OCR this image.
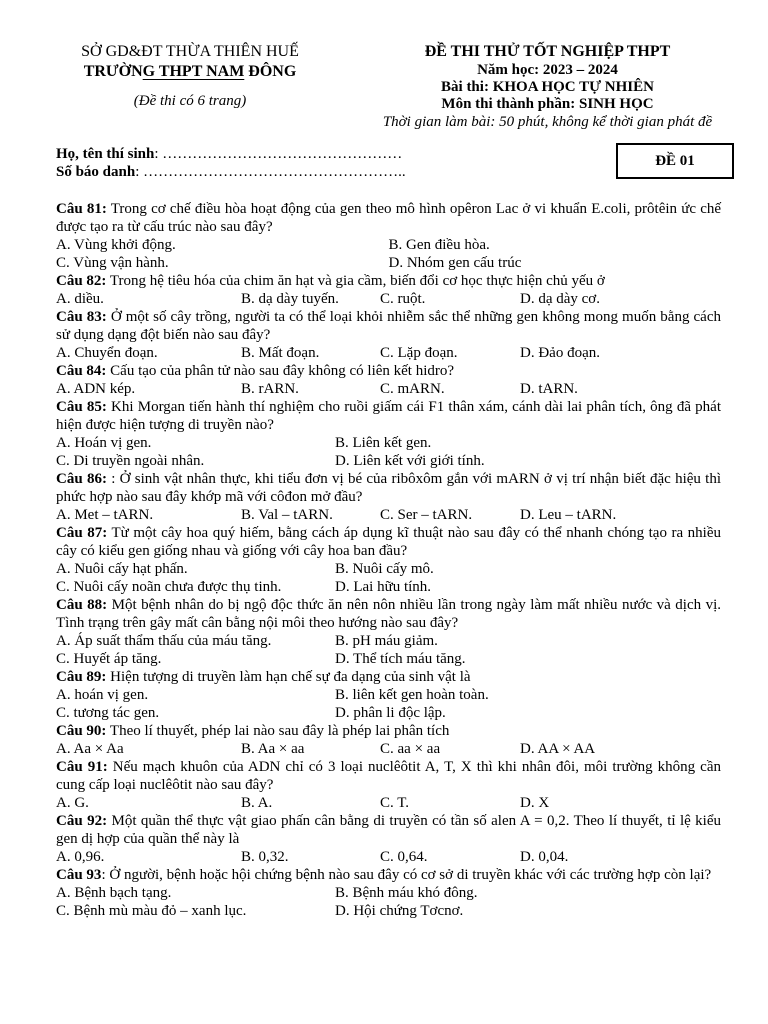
SỞ GD&ĐT THỪA THIÊN HUẾ
TRƯỜNG THPT NAM ĐÔNG
(Đề thi có 6 trang)
ĐỀ THI THỬ TỐT NGHIỆP THPT
Năm học: 2023 – 2024
Bài thi: KHOA HỌC TỰ NHIÊN
Môn thi thành phần: SINH HỌC
Thời gian làm bài: 50 phút, không kể thời gian phát đề
Họ, tên thí sinh: …………………………………………
Số báo danh: ……………………………………………..
ĐỀ 01
Câu 81: Trong cơ chế điều hòa hoạt động của gen theo mô hình opêron Lac ở vi khuẩn E.coli, prôtêin ức chế được tạo ra từ cấu trúc nào sau đây?
A. Vùng khởi động.	B. Gen điều hòa.
C. Vùng vận hành.	D. Nhóm gen cấu trúc
Câu 82: Trong hệ tiêu hóa của chim ăn hạt và gia cầm, biến đổi cơ học thực hiện chủ yếu ở
A. diều.	B. dạ dày tuyến.	C. ruột.	D. dạ dày cơ.
Câu 83: Ở một số cây trồng, người ta có thể loại khỏi nhiễm sắc thể những gen không mong muốn bằng cách sử dụng dạng đột biến nào sau đây?
A. Chuyển đoạn.	B. Mất đoạn.	C. Lặp đoạn.	D. Đảo đoạn.
Câu 84: Cấu tạo của phân tử nào sau đây không có liên kết hidro?
A. ADN kép.	B. rARN.	C. mARN.	D. tARN.
Câu 85: Khi Morgan tiến hành thí nghiệm cho ruồi giấm cái F1 thân xám, cánh dài lai phân tích, ông đã phát hiện được hiện tượng di truyền nào?
A. Hoán vị gen.	B. Liên kết gen.
C. Di truyền ngoài nhân.	D. Liên kết với giới tính.
Câu 86: : Ở sinh vật nhân thực, khi tiểu đơn vị bé của ribôxôm gắn với mARN ở vị trí nhận biết đặc hiệu thì phức hợp nào sau đây khớp mã với côđon mở đầu?
A. Met – tARN.	B. Val – tARN.	C. Ser – tARN.	D. Leu – tARN.
Câu 87: Từ một cây hoa quý hiếm, bằng cách áp dụng kĩ thuật nào sau đây có thể nhanh chóng tạo ra nhiều cây có kiểu gen giống nhau và giống với cây hoa ban đầu?
A. Nuôi cấy hạt phấn.	B. Nuôi cấy mô.
C. Nuôi cấy noãn chưa được thụ tinh.	D. Lai hữu tính.
Câu 88: Một bệnh nhân do bị ngộ độc thức ăn nên nôn nhiều lần trong ngày làm mất nhiều nước và dịch vị. Tình trạng trên gây mất cân bằng nội môi theo hướng nào sau đây?
A. Áp suất thẩm thấu của máu tăng.	B. pH máu giảm.
C. Huyết áp tăng.	D. Thể tích máu tăng.
Câu 89: Hiện tượng di truyền làm hạn chế sự đa dạng của sinh vật là
A. hoán vị gen.	B. liên kết gen hoàn toàn.
C. tương tác gen.	D. phân li độc lập.
Câu 90: Theo lí thuyết, phép lai nào sau đây là phép lai phân tích
A. Aa × Aa	B. Aa × aa	C. aa × aa	D. AA × AA
Câu 91: Nếu mạch khuôn của ADN chỉ có 3 loại nuclêôtit A, T, X thì khi nhân đôi, môi trường không cần cung cấp loại nuclêôtit nào sau đây?
A. G.	B. A.	C. T.	D. X
Câu 92: Một quần thể thực vật giao phấn cân bằng di truyền có tần số alen A = 0,2. Theo lí thuyết, tỉ lệ kiểu gen dị hợp của quần thể này là
A. 0,96.	B. 0,32.	C. 0,64.	D. 0,04.
Câu 93: Ở người, bệnh hoặc hội chứng bệnh nào sau đây có cơ sở di truyền khác với các trường hợp còn lại?
A. Bệnh bạch tạng.	B. Bệnh máu khó đông.
C. Bệnh mù màu đỏ – xanh lục.	D. Hội chứng Tơcnơ.
